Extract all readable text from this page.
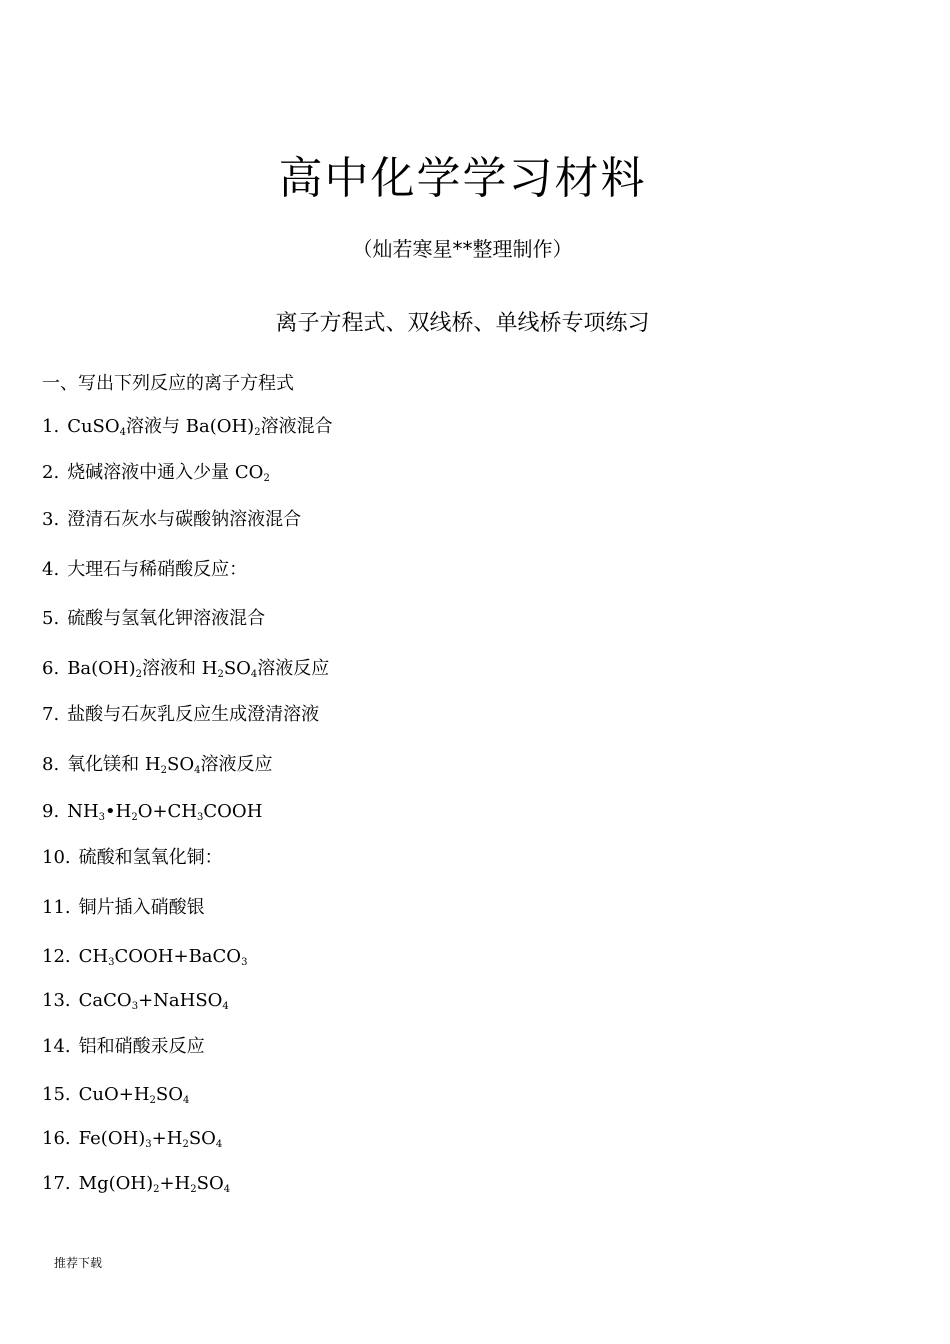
高中化学学习材料

（灿若寒星**整理制作）

离子方程式、双线桥、单线桥专项练习

一、写出下列反应的离子方程式

1. CuSO$_4$溶液与 $Ba(OH)_2$溶液混合
2. 烧碱溶液中通入少量 $CO_2$
3. 澄清石灰水与碳酸钠溶液混合
4. 大理石与稀硝酸反应：
5. 硫酸与氢氧化钾溶液混合
6. $Ba(OH)_2$溶液和 $H_2SO_4$溶液反应
7. 盐酸与石灰乳反应生成澄清溶液
8. 氧化镁和 $H_2SO_4$溶液反应
9. $NH_3•H_2O+CH_3COOH$
10. 硫酸和氢氧化铜：
11. 铜片插入硝酸银
12. $CH_3COOH+BaCO_3$
13. CaCO$_3$+NaHSO$_4$
14. 铝和硝酸汞反应
15. $CuO+H_2SO_4$
16. $Fe(OH)_3+H_2SO_4$
17. $Mg(OH)_2+H_2SO_4$
推荐下载
